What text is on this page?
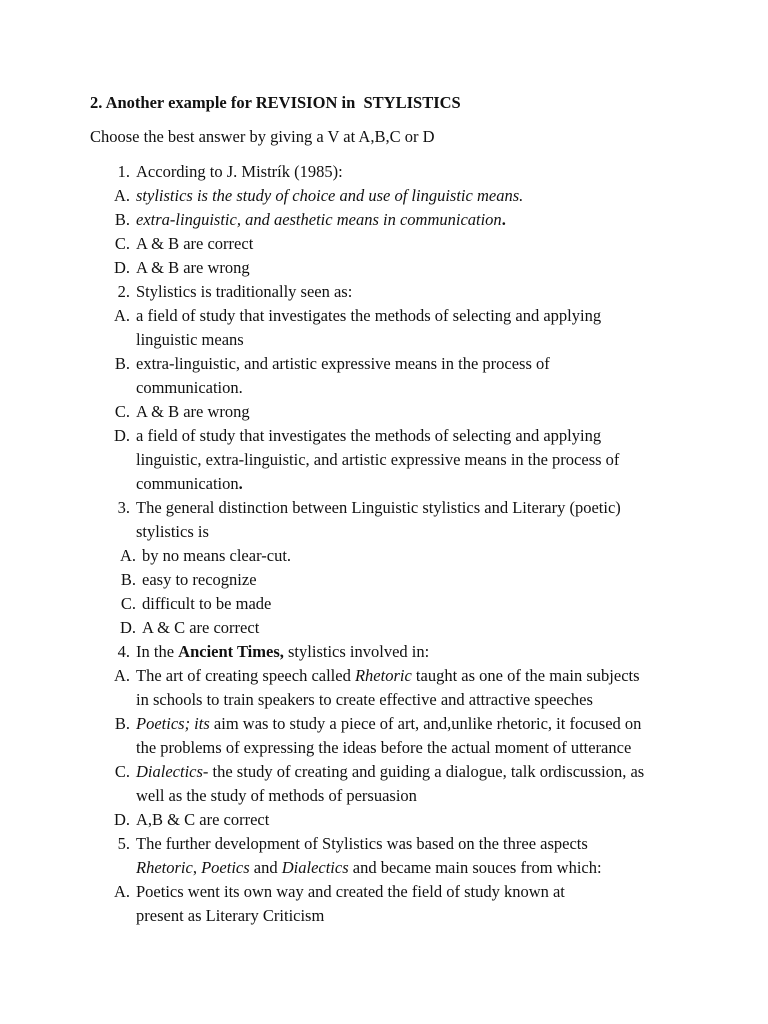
2. Another example for REVISION in  STYLISTICS
Choose the best answer by giving a V at A,B,C or D
1. According to J. Mistrík (1985):
A. stylistics is the study of choice and use of linguistic means.
B. extra-linguistic, and aesthetic means in communication.
C. A & B are correct
D. A & B are wrong
2. Stylistics is traditionally seen as:
A. a field of study that investigates the methods of selecting and applying
linguistic means
B. extra-linguistic, and artistic expressive means in the process of
communication.
C. A & B are wrong
D. a field of study that investigates the methods of selecting and applying
linguistic, extra-linguistic, and artistic expressive means in the process of
communication.
3. The general distinction between Linguistic stylistics and Literary (poetic)
stylistics is
A. by no means clear-cut.
B. easy to recognize
C. difficult to be made
D. A & C are correct
4. In the Ancient Times, stylistics involved in:
A. The art of creating speech called Rhetoric taught as one of the main subjects
in schools to train speakers to create effective and attractive speeches
B. Poetics; its aim was to study a piece of art, and,unlike rhetoric, it focused on
the problems of expressing the ideas before the actual moment of utterance
C. Dialectics- the study of creating and guiding a dialogue, talk ordiscussion, as
well as the study of methods of persuasion
D. A,B & C are correct
5. The further development of Stylistics was based on the three aspects
Rhetoric, Poetics and Dialectics and became main souces from which:
A. Poetics went its own way and created the field of study known at
present as Literary Criticism
